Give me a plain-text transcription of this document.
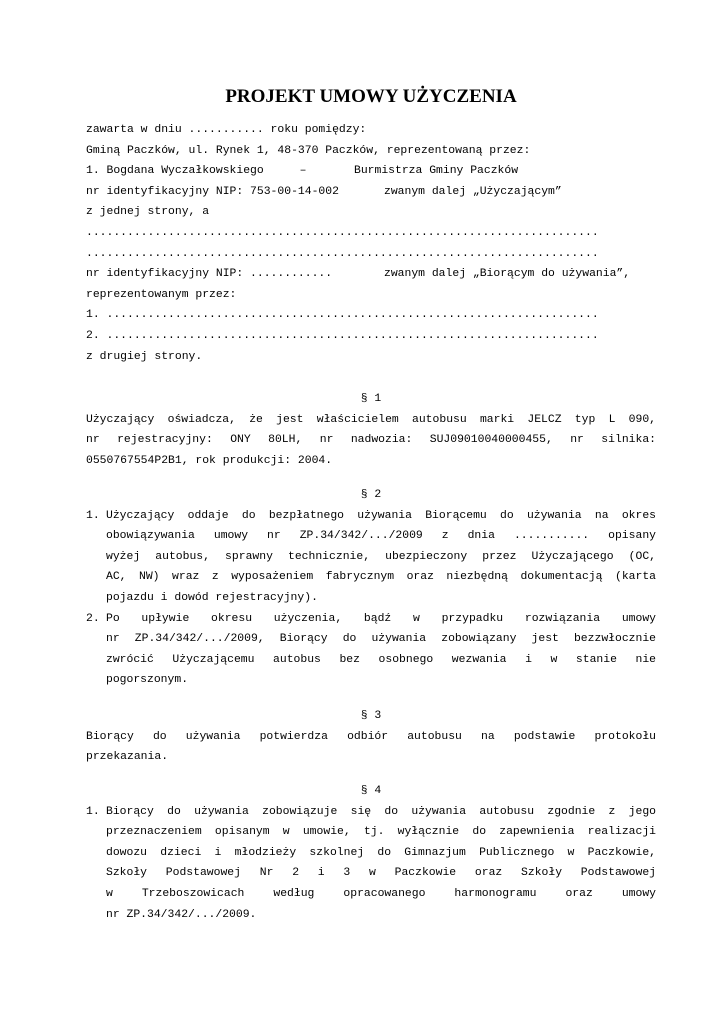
PROJEKT UMOWY UŻYCZENIA
zawarta w dniu ........... roku pomiędzy:
Gminą Paczków, ul. Rynek 1, 48-370 Paczków, reprezentowaną przez:
1. Bogdana Wyczałkowskiego	–	Burmistrza Gminy Paczków
nr identyfikacyjny NIP: 753-00-14-002	zwanym dalej „Użyczającym”
z jednej strony, a
...........................................................................
...........................................................................
nr identyfikacyjny NIP: ............	zwanym dalej „Biorącym do używania”,
reprezentowanym przez:
1. ........................................................................
2. ........................................................................
z drugiej strony.
§ 1
Użyczający oświadcza, że jest właścicielem autobusu marki JELCZ typ L 090,
nr rejestracyjny: ONY 80LH, nr nadwozia: SUJ09010040000455, nr silnika:
0550767554P2B1, rok produkcji: 2004.
§ 2
1. Użyczający oddaje do bezpłatnego używania Biorącemu do używania na okres
obowiązywania umowy nr ZP.34/342/.../2009 z dnia ........... opisany
wyżej autobus, sprawny technicznie, ubezpieczony przez Użyczającego (OC,
AC, NW) wraz z wyposażeniem fabrycznym oraz niezbędną dokumentacją (karta
pojazdu i dowód rejestracyjny).
2. Po upływie okresu użyczenia, bądź w przypadku rozwiązania umowy
nr ZP.34/342/.../2009, Biorący do używania zobowiązany jest bezzwłocznie
zwrócić Użyczającemu autobus bez osobnego wezwania i w stanie nie
pogorszonym.
§ 3
Biorący do używania potwierdza odbiór autobusu na podstawie protokołu
przekazania.
§ 4
1. Biorący do używania zobowiązuje się do używania autobusu zgodnie z jego
przeznaczeniem opisanym w umowie, tj. wyłącznie do zapewnienia realizacji
dowozu dzieci i młodzieży szkolnej do Gimnazjum Publicznego w Paczkowie,
Szkoły Podstawowej Nr 2 i 3 w Paczkowie oraz Szkoły Podstawowej
w Trzeboszowicach według opracowanego harmonogramu oraz umowy
nr ZP.34/342/.../2009.
